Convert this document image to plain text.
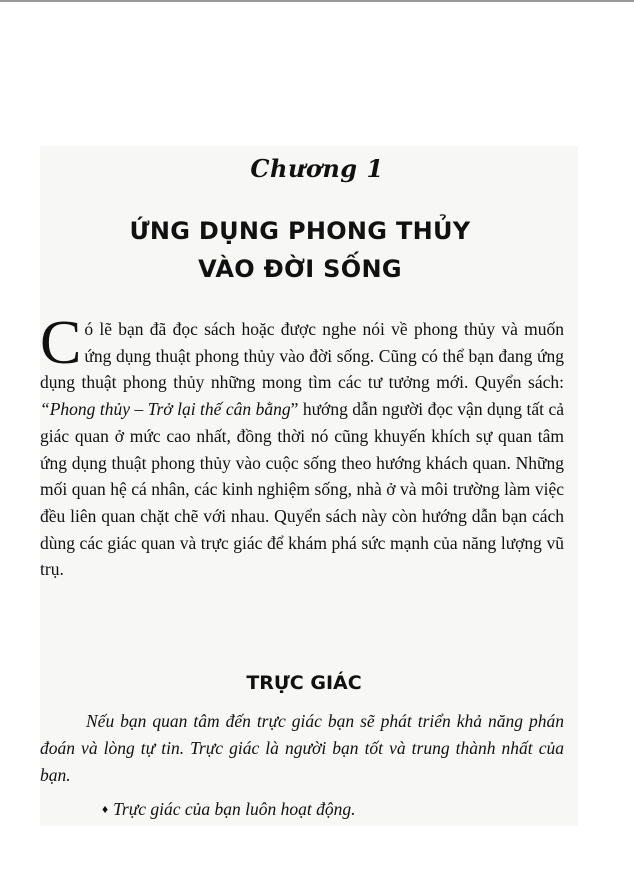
Chương 1
ỨNG DỤNG PHONG THỦY
VÀO ĐỜI SỐNG

Có lẽ bạn đã đọc sách hoặc được nghe nói về phong thủy và muốn ứng dụng thuật phong thủy vào đời sống. Cũng có thể bạn đang ứng dụng thuật phong thủy những mong tìm các tư tưởng mới. Quyển sách: “Phong thủy – Trở lại thế cân bằng” hướng dẫn người đọc vận dụng tất cả giác quan ở mức cao nhất, đồng thời nó cũng khuyến khích sự quan tâm ứng dụng thuật phong thủy vào cuộc sống theo hướng khách quan. Những mối quan hệ cá nhân, các kinh nghiệm sống, nhà ở và môi trường làm việc đều liên quan chặt chẽ với nhau. Quyển sách này còn hướng dẫn bạn cách dùng các giác quan và trực giác để khám phá sức mạnh của năng lượng vũ trụ.

TRỰC GIÁC

Nếu bạn quan tâm đến trực giác bạn sẽ phát triển khả năng phán đoán và lòng tự tin. Trực giác là người bạn tốt và trung thành nhất của bạn.

♦ Trực giác của bạn luôn hoạt động.
